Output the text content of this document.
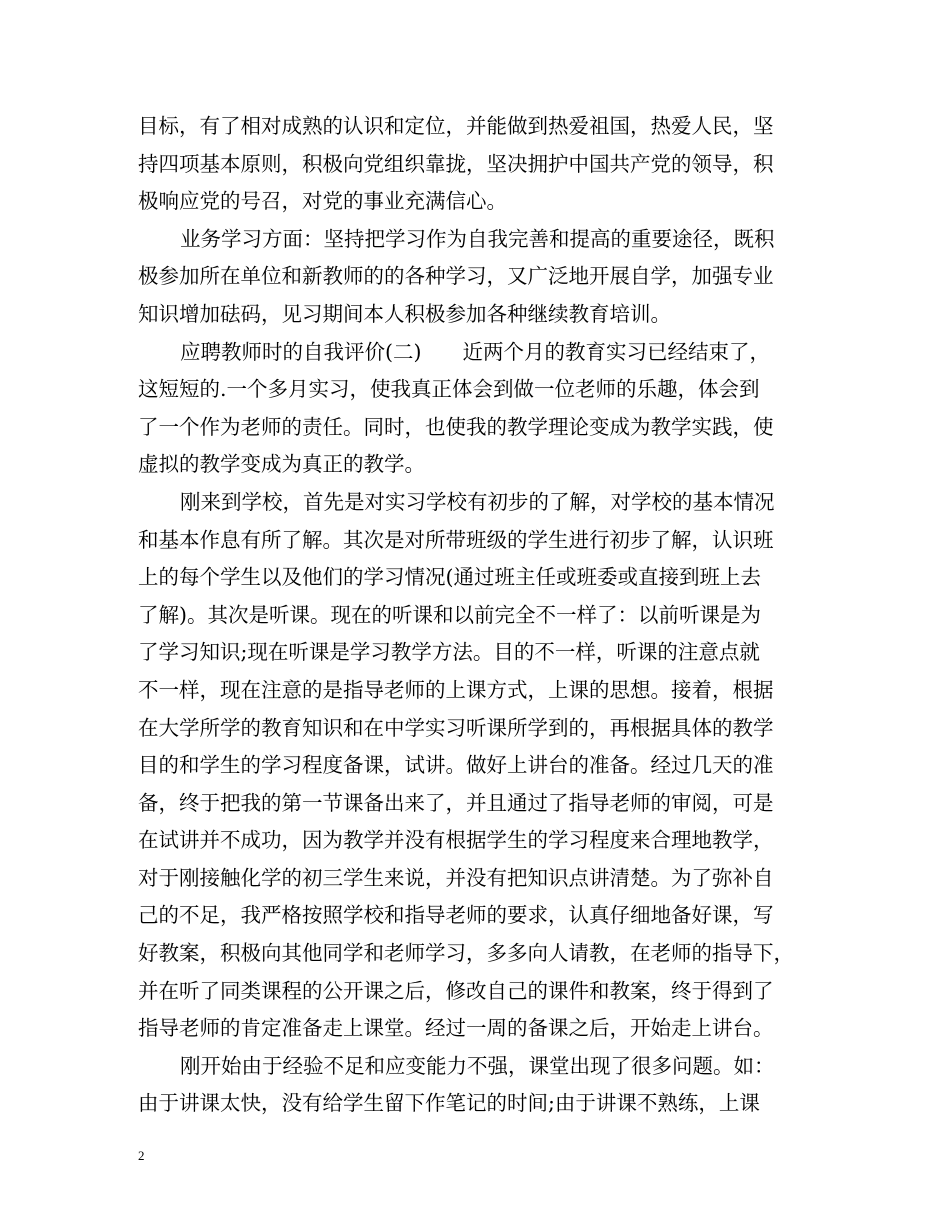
目标，有了相对成熟的认识和定位，并能做到热爱祖国，热爱人民，坚
持四项基本原则，积极向党组织靠拢，坚决拥护中国共产党的领导，积
极响应党的号召，对党的事业充满信心。
业务学习方面：坚持把学习作为自我完善和提高的重要途径，既积
极参加所在单位和新教师的的各种学习，又广泛地开展自学，加强专业
知识增加砝码，见习期间本人积极参加各种继续教育培训。
应聘教师时的自我评价(二)　　近两个月的教育实习已经结束了，
这短短的.一个多月实习，使我真正体会到做一位老师的乐趣，体会到
了一个作为老师的责任。同时，也使我的教学理论变成为教学实践，使
虚拟的教学变成为真正的教学。
刚来到学校，首先是对实习学校有初步的了解，对学校的基本情况
和基本作息有所了解。其次是对所带班级的学生进行初步了解，认识班
上的每个学生以及他们的学习情况(通过班主任或班委或直接到班上去
了解)。其次是听课。现在的听课和以前完全不一样了：以前听课是为
了学习知识;现在听课是学习教学方法。目的不一样，听课的注意点就
不一样，现在注意的是指导老师的上课方式，上课的思想。接着，根据
在大学所学的教育知识和在中学实习听课所学到的，再根据具体的教学
目的和学生的学习程度备课，试讲。做好上讲台的准备。经过几天的准
备，终于把我的第一节课备出来了，并且通过了指导老师的审阅，可是
在试讲并不成功，因为教学并没有根据学生的学习程度来合理地教学，
对于刚接触化学的初三学生来说，并没有把知识点讲清楚。为了弥补自
己的不足，我严格按照学校和指导老师的要求，认真仔细地备好课，写
好教案，积极向其他同学和老师学习，多多向人请教，在老师的指导下，
并在听了同类课程的公开课之后，修改自己的课件和教案，终于得到了
指导老师的肯定准备走上课堂。经过一周的备课之后，开始走上讲台。
刚开始由于经验不足和应变能力不强，课堂出现了很多问题。如：
由于讲课太快，没有给学生留下作笔记的时间;由于讲课不熟练，上课
2
